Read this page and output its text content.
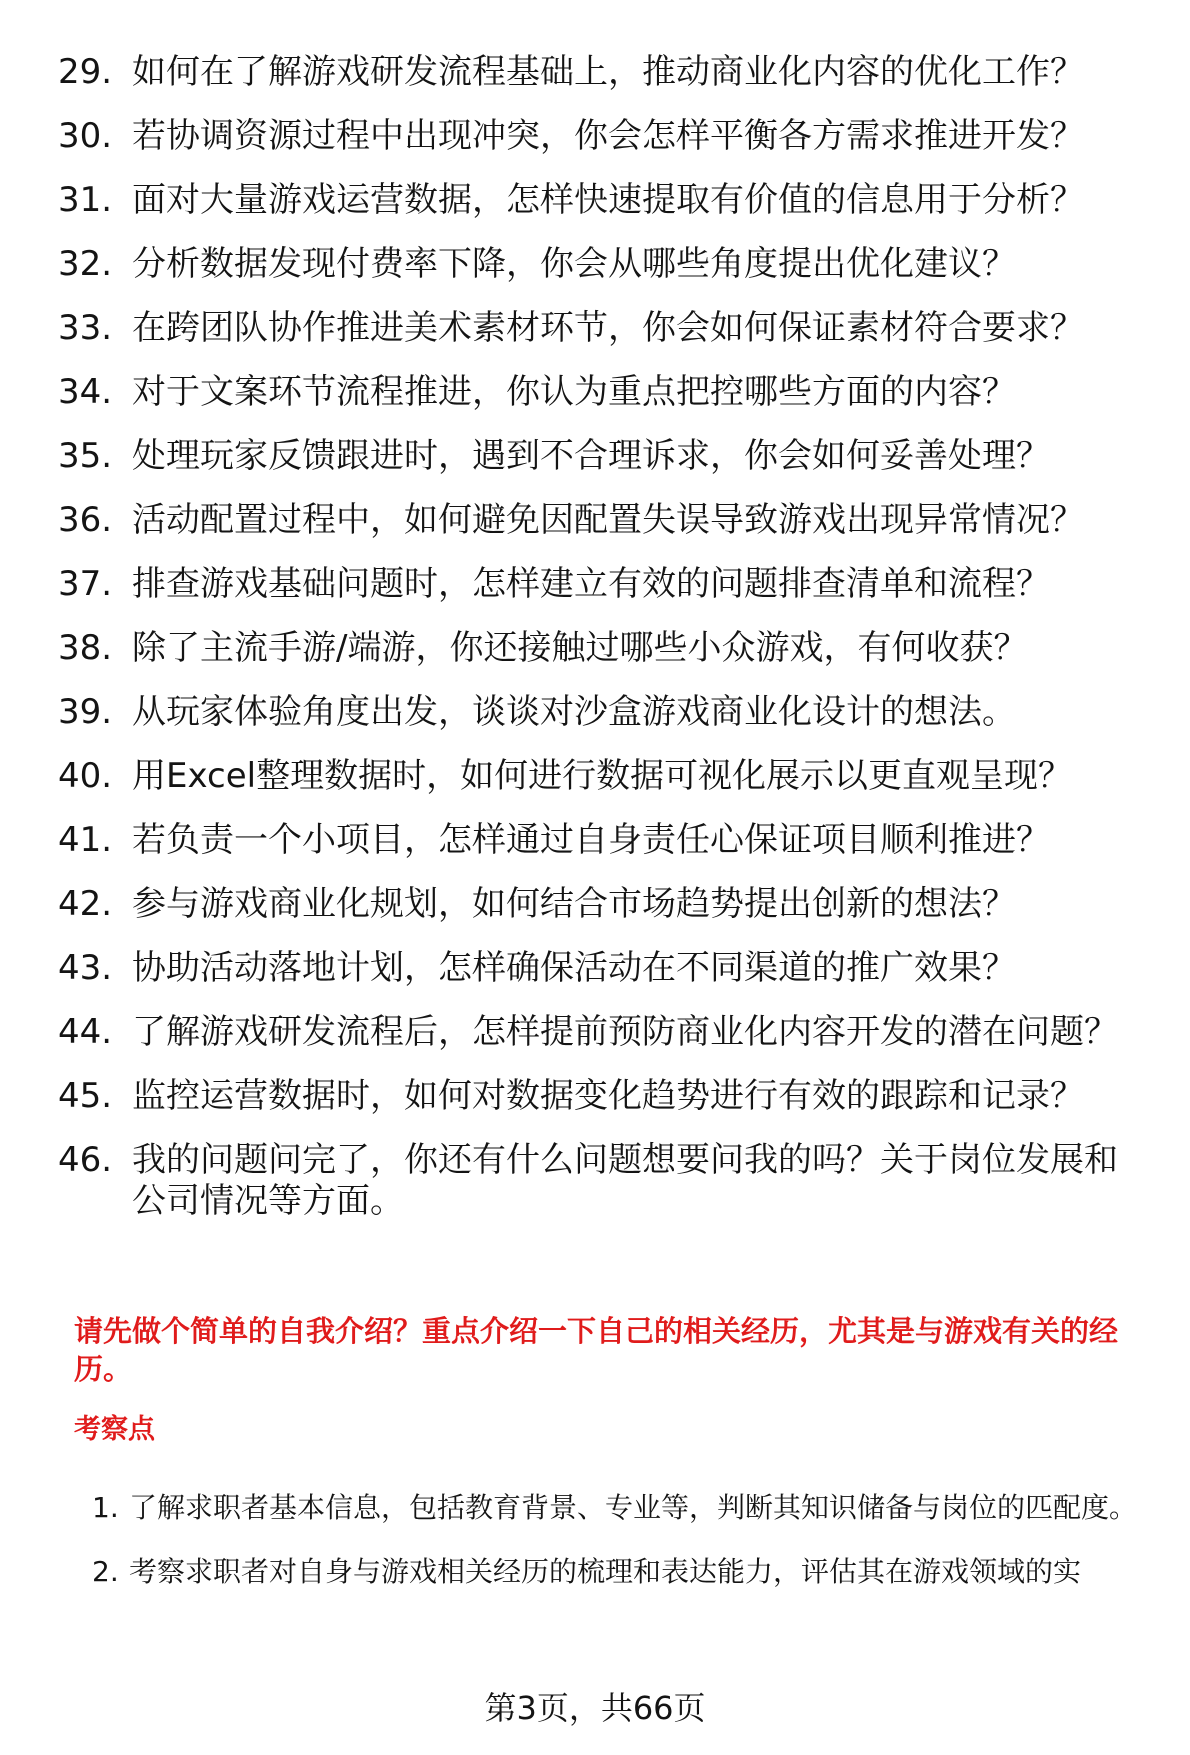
29. 如何在了解游戏研发流程基础上，推动商业化内容的优化工作？
30. 若协调资源过程中出现冲突，你会怎样平衡各方需求推进开发？
31. 面对大量游戏运营数据，怎样快速提取有价值的信息用于分析？
32. 分析数据发现付费率下降，你会从哪些角度提出优化建议？
33. 在跨团队协作推进美术素材环节，你会如何保证素材符合要求？
34. 对于文案环节流程推进，你认为重点把控哪些方面的内容？
35. 处理玩家反馈跟进时，遇到不合理诉求，你会如何妥善处理？
36. 活动配置过程中，如何避免因配置失误导致游戏出现异常情况？
37. 排查游戏基础问题时，怎样建立有效的问题排查清单和流程？
38. 除了主流手游/端游，你还接触过哪些小众游戏，有何收获？
39. 从玩家体验角度出发，谈谈对沙盒游戏商业化设计的想法。
40. 用Excel整理数据时，如何进行数据可视化展示以更直观呈现？
41. 若负责一个小项目，怎样通过自身责任心保证项目顺利推进？
42. 参与游戏商业化规划，如何结合市场趋势提出创新的想法？
43. 协助活动落地计划，怎样确保活动在不同渠道的推广效果？
44. 了解游戏研发流程后，怎样提前预防商业化内容开发的潜在问题？
45. 监控运营数据时，如何对数据变化趋势进行有效的跟踪和记录？
46. 我的问题问完了，你还有什么问题想要问我的吗？关于岗位发展和公司情况等方面。
请先做个简单的自我介绍？重点介绍一下自己的相关经历，尤其是与游戏有关的经历。
考察点
1. 了解求职者基本信息，包括教育背景、专业等，判断其知识储备与岗位的匹配度。
2. 考察求职者对自身与游戏相关经历的梳理和表达能力，评估其在游戏领域的实
第3页，共66页
